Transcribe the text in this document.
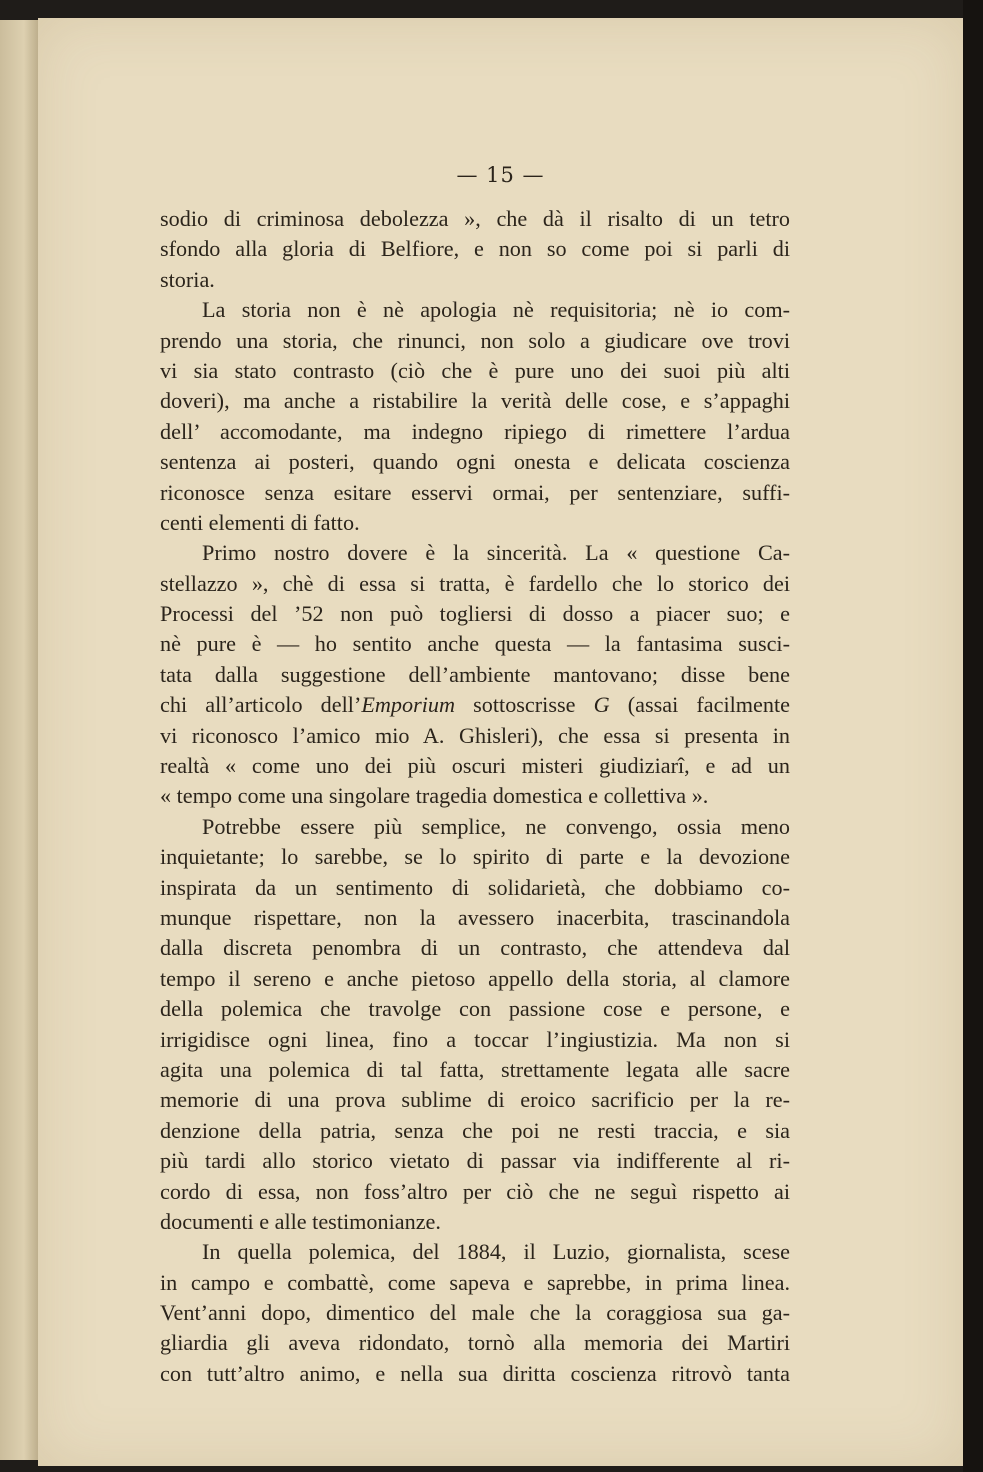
— 15 —
sodio di criminosa debolezza », che dà il risalto di un tetro
sfondo alla gloria di Belfiore, e non so come poi si parli di
storia.
La storia non è nè apologia nè requisitoria; nè io com-
prendo una storia, che rinunci, non solo a giudicare ove trovi
vi sia stato contrasto (ciò che è pure uno dei suoi più alti
doveri), ma anche a ristabilire la verità delle cose, e s’appaghi
dell’ accomodante, ma indegno ripiego di rimettere l’ardua
sentenza ai posteri, quando ogni onesta e delicata coscienza
riconosce senza esitare esservi ormai, per sentenziare, suffi-
centi elementi di fatto.
Primo nostro dovere è la sincerità. La « questione Ca-
stellazzo », chè di essa si tratta, è fardello che lo storico dei
Processi del ’52 non può togliersi di dosso a piacer suo; e
nè pure è — ho sentito anche questa — la fantasima susci-
tata dalla suggestione dell’ambiente mantovano; disse bene
chi all’articolo dell’Emporium sottoscrisse G (assai facilmente
vi riconosco l’amico mio A. Ghisleri), che essa si presenta in
realtà « come uno dei più oscuri misteri giudiziarî, e ad un
« tempo come una singolare tragedia domestica e collettiva ».
Potrebbe essere più semplice, ne convengo, ossia meno
inquietante; lo sarebbe, se lo spirito di parte e la devozione
inspirata da un sentimento di solidarietà, che dobbiamo co-
munque rispettare, non la avessero inacerbita, trascinandola
dalla discreta penombra di un contrasto, che attendeva dal
tempo il sereno e anche pietoso appello della storia, al clamore
della polemica che travolge con passione cose e persone, e
irrigidisce ogni linea, fino a toccar l’ingiustizia. Ma non si
agita una polemica di tal fatta, strettamente legata alle sacre
memorie di una prova sublime di eroico sacrificio per la re-
denzione della patria, senza che poi ne resti traccia, e sia
più tardi allo storico vietato di passar via indifferente al ri-
cordo di essa, non foss’altro per ciò che ne seguì rispetto ai
documenti e alle testimonianze.
In quella polemica, del 1884, il Luzio, giornalista, scese
in campo e combattè, come sapeva e saprebbe, in prima linea.
Vent’anni dopo, dimentico del male che la coraggiosa sua ga-
gliardia gli aveva ridondato, tornò alla memoria dei Martiri
con tutt’altro animo, e nella sua diritta coscienza ritrovò tanta
